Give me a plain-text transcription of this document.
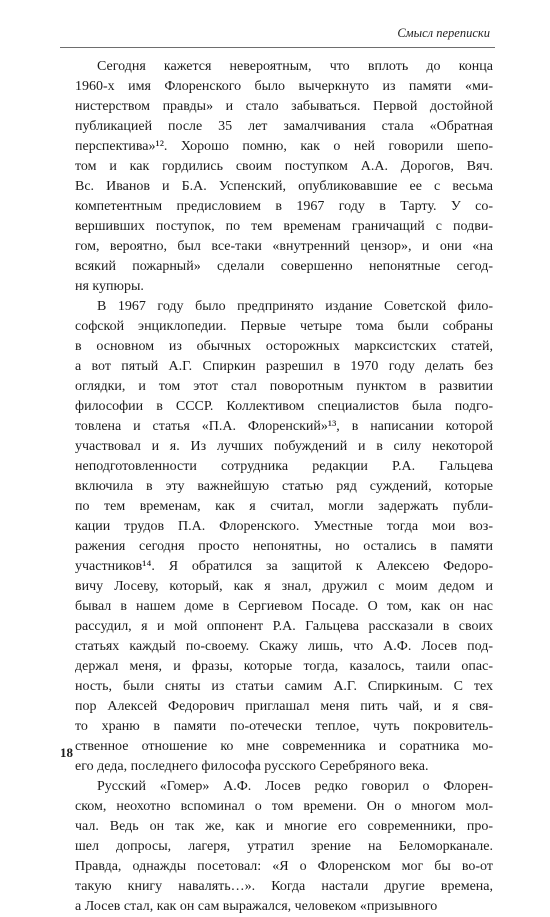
Смысл переписки
Сегодня кажется невероятным, что вплоть до конца
1960-х имя Флоренского было вычеркнуто из памяти «ми-
нистерством правды» и стало забываться. Первой достойной
публикацией после 35 лет замалчивания стала «Обратная
перспектива»¹². Хорошо помню, как о ней говорили шепо-
том и как гордились своим поступком А.А. Дорогов, Вяч.
Вс. Иванов и Б.А. Успенский, опубликовавшие ее с весьма
компетентным предисловием в 1967 году в Тарту. У со-
вершивших поступок, по тем временам граничащий с подви-
гом, вероятно, был все-таки «внутренний цензор», и они «на
всякий пожарный» сделали совершенно непонятные сегод-
ня купюры.
В 1967 году было предпринято издание Советской фило-
софской энциклопедии. Первые четыре тома были собраны
в основном из обычных осторожных марксистских статей,
а вот пятый А.Г. Спиркин разрешил в 1970 году делать без
оглядки, и том этот стал поворотным пунктом в развитии
философии в СССР. Коллективом специалистов была подго-
товлена и статья «П.А. Флоренский»¹³, в написании которой
участвовал и я. Из лучших побуждений и в силу некоторой
неподготовленности сотрудника редакции Р.А. Гальцева
включила в эту важнейшую статью ряд суждений, которые
по тем временам, как я считал, могли задержать публи-
кации трудов П.А. Флоренского. Уместные тогда мои воз-
ражения сегодня просто непонятны, но остались в памяти
участников¹⁴. Я обратился за защитой к Алексею Федоро-
вичу Лосеву, который, как я знал, дружил с моим дедом и
бывал в нашем доме в Сергиевом Посаде. О том, как он нас
рассудил, я и мой оппонент Р.А. Гальцева рассказали в своих
статьях каждый по-своему. Скажу лишь, что А.Ф. Лосев под-
держал меня, и фразы, которые тогда, казалось, таили опас-
ность, были сняты из статьи самим А.Г. Спиркиным. С тех
пор Алексей Федорович приглашал меня пить чай, и я свя-
то храню в памяти по-отечески теплое, чуть покровитель-
ственное отношение ко мне современника и соратника мо-
его деда, последнего философа русского Серебряного века.
Русский «Гомер» А.Ф. Лосев редко говорил о Флорен-
ском, неохотно вспоминал о том времени. Он о многом мол-
чал. Ведь он так же, как и многие его современники, про-
шел допросы, лагеря, утратил зрение на Беломорканале.
Правда, однажды посетовал: «Я о Флоренском мог бы во-от
такую книгу навалять…». Когда настали другие времена,
а Лосев стал, как он сам выражался, человеком «призывного
18
